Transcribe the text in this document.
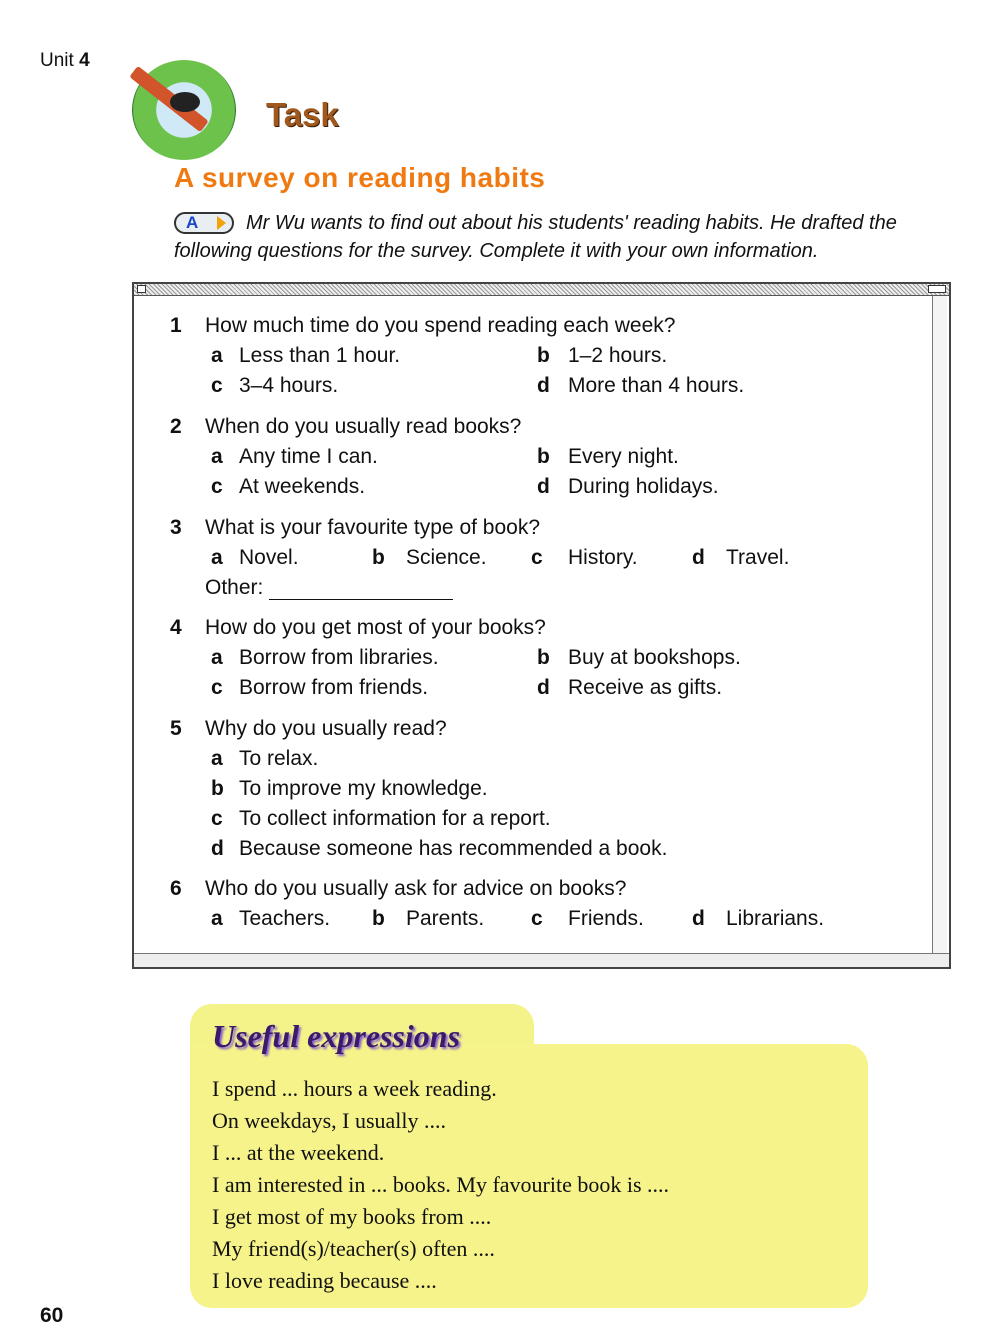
Unit 4
Task
A survey on reading habits
A	Mr Wu wants to find out about his students' reading habits. He drafted the
following questions for the survey. Complete it with your own information.
1 How much time do you spend reading each week?
a Less than 1 hour.	b 1–2 hours.
c 3–4 hours.	d More than 4 hours.
2 When do you usually read books?
a Any time I can.	b Every night.
c At weekends.	d During holidays.
3 What is your favourite type of book?
a Novel.	b Science. c History.	d Travel.
Other:
4 How do you get most of your books?
a Borrow from libraries.	b Buy at bookshops.
c Borrow from friends.	d Receive as gifts.
5 Why do you usually read?
a To relax.
b To improve my knowledge.
c To collect information for a report.
d Because someone has recommended a book.
6 Who do you usually ask for advice on books?
a Teachers. b Parents. c Friends. d Librarians.
Useful expressions
I spend ... hours a week reading.
On weekdays, I usually ....
I ... at the weekend.
I am interested in ... books. My favourite book is ....
I get most of my books from ....
My friend(s)/teacher(s) often ....
I love reading because ....
60
